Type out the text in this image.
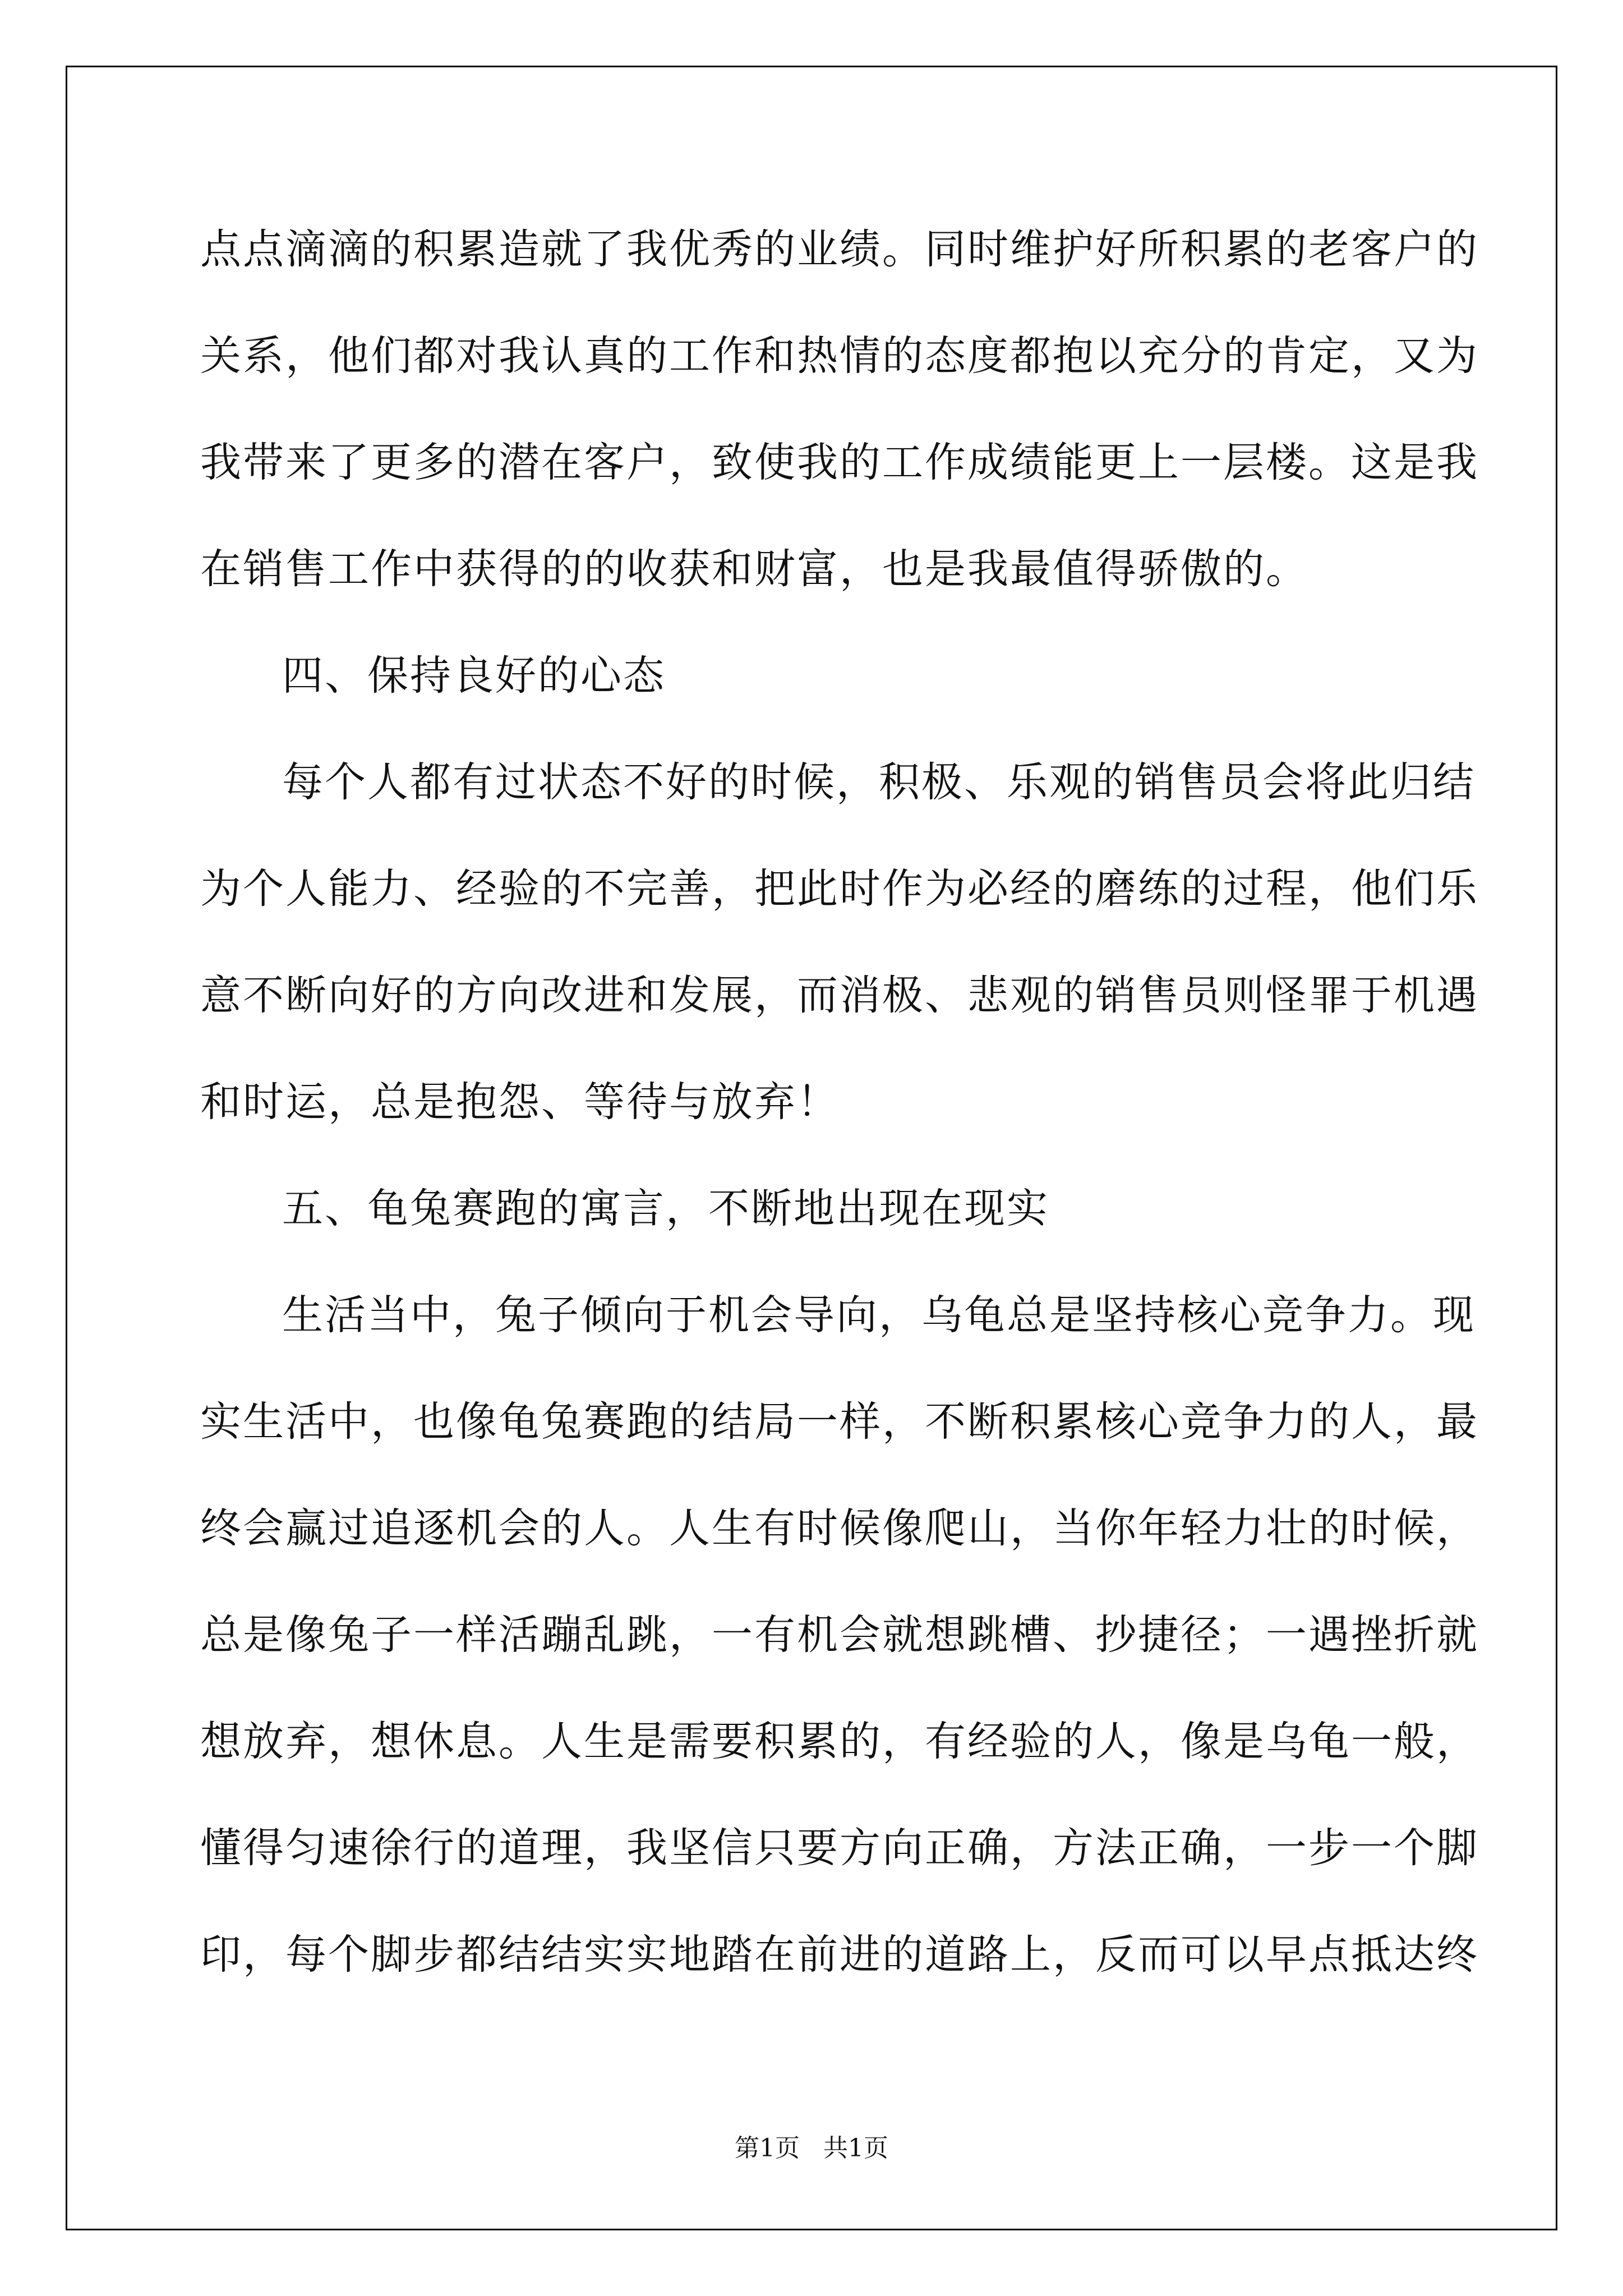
点点滴滴的积累造就了我优秀的业绩。同时维护好所积累的老客户的
关系，他们都对我认真的工作和热情的态度都抱以充分的肯定，又为
我带来了更多的潜在客户，致使我的工作成绩能更上一层楼。这是我
在销售工作中获得的的收获和财富，也是我最值得骄傲的。
四、保持良好的心态
每个人都有过状态不好的时候，积极、乐观的销售员会将此归结
为个人能力、经验的不完善，把此时作为必经的磨练的过程，他们乐
意不断向好的方向改进和发展，而消极、悲观的销售员则怪罪于机遇
和时运，总是抱怨、等待与放弃！
五、龟兔赛跑的寓言，不断地出现在现实
生活当中，兔子倾向于机会导向，乌龟总是坚持核心竞争力。现
实生活中，也像龟兔赛跑的结局一样，不断积累核心竞争力的人，最
终会赢过追逐机会的人。人生有时候像爬山，当你年轻力壮的时候，
总是像兔子一样活蹦乱跳，一有机会就想跳槽、抄捷径；一遇挫折就
想放弃，想休息。人生是需要积累的，有经验的人，像是乌龟一般，
懂得匀速徐行的道理，我坚信只要方向正确，方法正确，一步一个脚
印，每个脚步都结结实实地踏在前进的道路上，反而可以早点抵达终
第1页 共1页
